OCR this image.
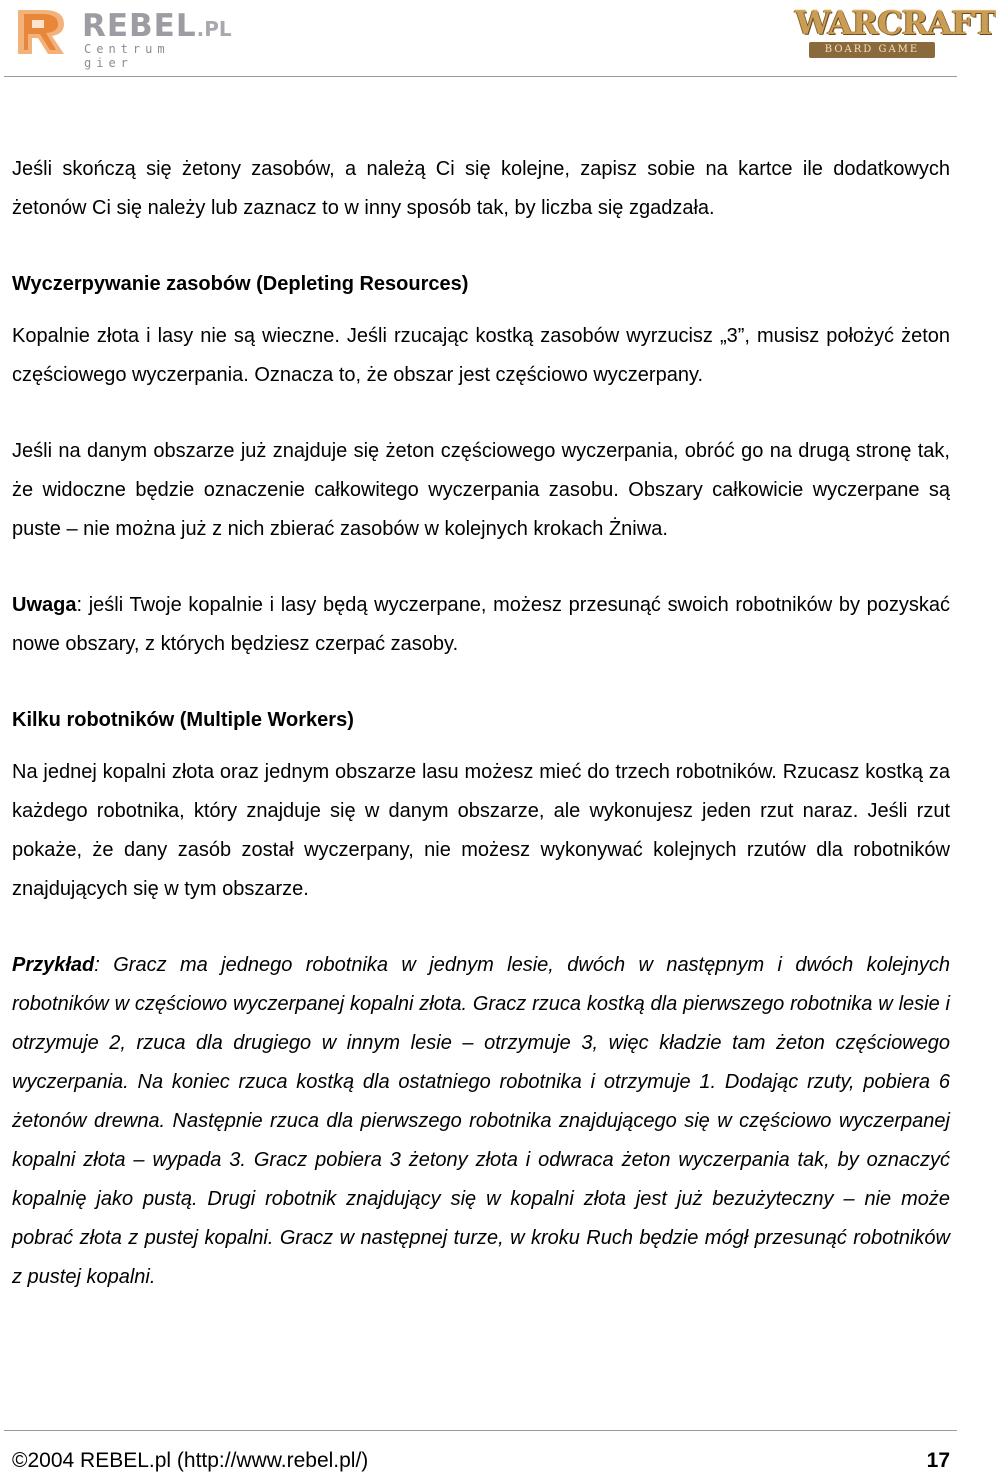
REBEL.PL
Centrum gier
WARCRAFT
BOARD GAME

Jeśli skończą się żetony zasobów, a należą Ci się kolejne, zapisz sobie na kartce ile dodatkowych żetonów Ci się należy lub zaznacz to w inny sposób tak, by liczba się zgadzała.

Wyczerpywanie zasobów (Depleting Resources)

Kopalnie złota i lasy nie są wieczne. Jeśli rzucając kostką zasobów wyrzucisz „3”, musisz położyć żeton częściowego wyczerpania. Oznacza to, że obszar jest częściowo wyczerpany.

Jeśli na danym obszarze już znajduje się żeton częściowego wyczerpania, obróć go na drugą stronę tak, że widoczne będzie oznaczenie całkowitego wyczerpania zasobu. Obszary całkowicie wyczerpane są puste – nie można już z nich zbierać zasobów w kolejnych krokach Żniwa.

Uwaga: jeśli Twoje kopalnie i lasy będą wyczerpane, możesz przesunąć swoich robotników by pozyskać nowe obszary, z których będziesz czerpać zasoby.

Kilku robotników (Multiple Workers)

Na jednej kopalni złota oraz jednym obszarze lasu możesz mieć do trzech robotników. Rzucasz kostką za każdego robotnika, który znajduje się w danym obszarze, ale wykonujesz jeden rzut naraz. Jeśli rzut pokaże, że dany zasób został wyczerpany, nie możesz wykonywać kolejnych rzutów dla robotników znajdujących się w tym obszarze.

Przykład: Gracz ma jednego robotnika w jednym lesie, dwóch w następnym i dwóch kolejnych robotników w częściowo wyczerpanej kopalni złota. Gracz rzuca kostką dla pierwszego robotnika w lesie i otrzymuje 2, rzuca dla drugiego w innym lesie – otrzymuje 3, więc kładzie tam żeton częściowego wyczerpania. Na koniec rzuca kostką dla ostatniego robotnika i otrzymuje 1. Dodając rzuty, pobiera 6 żetonów drewna. Następnie rzuca dla pierwszego robotnika znajdującego się w częściowo wyczerpanej kopalni złota – wypada 3. Gracz pobiera 3 żetony złota i odwraca żeton wyczerpania tak, by oznaczyć kopalnię jako pustą. Drugi robotnik znajdujący się w kopalni złota jest już bezużyteczny – nie może pobrać złota z pustej kopalni. Gracz w następnej turze, w kroku Ruch będzie mógł przesunąć robotników z pustej kopalni.

©2004 REBEL.pl (http://www.rebel.pl/)	17
